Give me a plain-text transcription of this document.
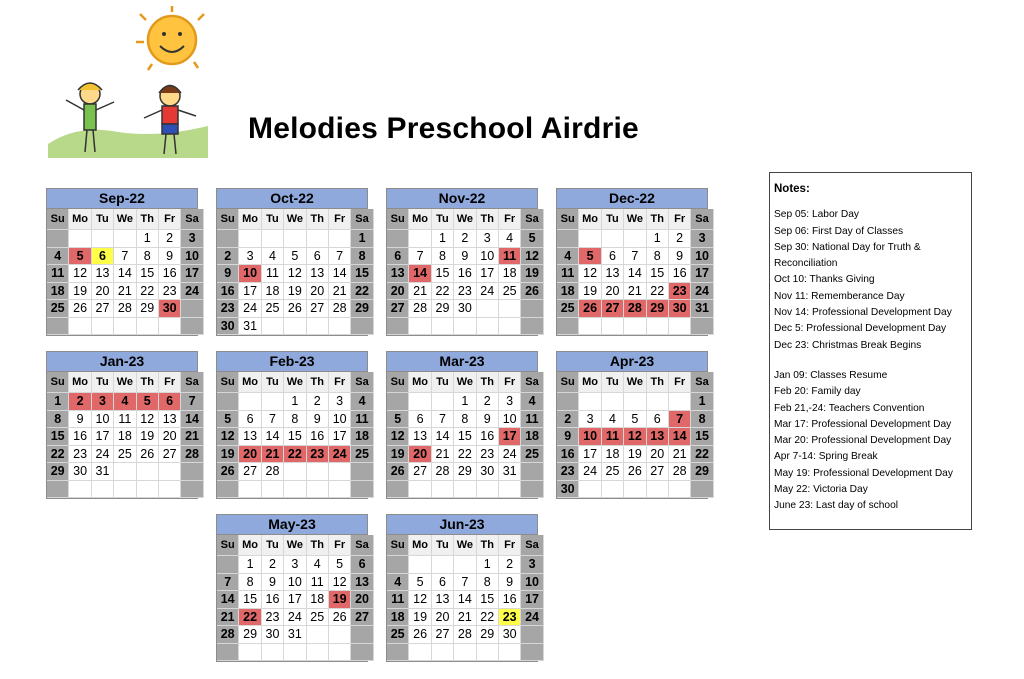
Melodies Preschool Airdrie
Sep-22
Su	Mo	Tu	We	Th	Fr	Sa
				1	2	3
4	5	6	7	8	9	10
11	12	13	14	15	16	17
18	19	20	21	22	23	24
25	26	27	28	29	30	

Oct-22
Su	Mo	Tu	We	Th	Fr	Sa
						1
2	3	4	5	6	7	8
9	10	11	12	13	14	15
16	17	18	19	20	21	22
23	24	25	26	27	28	29
30	31					
Nov-22
Su	Mo	Tu	We	Th	Fr	Sa
		1	2	3	4	5
6	7	8	9	10	11	12
13	14	15	16	17	18	19
20	21	22	23	24	25	26
27	28	29	30			

Dec-22
Su	Mo	Tu	We	Th	Fr	Sa
				1	2	3
4	5	6	7	8	9	10
11	12	13	14	15	16	17
18	19	20	21	22	23	24
25	26	27	28	29	30	31

Jan-23
Su	Mo	Tu	We	Th	Fr	Sa
1	2	3	4	5	6	7
8	9	10	11	12	13	14
15	16	17	18	19	20	21
22	23	24	25	26	27	28
29	30	31				

Feb-23
Su	Mo	Tu	We	Th	Fr	Sa
			1	2	3	4
5	6	7	8	9	10	11
12	13	14	15	16	17	18
19	20	21	22	23	24	25
26	27	28				

Mar-23
Su	Mo	Tu	We	Th	Fr	Sa
			1	2	3	4
5	6	7	8	9	10	11
12	13	14	15	16	17	18
19	20	21	22	23	24	25
26	27	28	29	30	31	

Apr-23
Su	Mo	Tu	We	Th	Fr	Sa
						1
2	3	4	5	6	7	8
9	10	11	12	13	14	15
16	17	18	19	20	21	22
23	24	25	26	27	28	29
30						
May-23
Su	Mo	Tu	We	Th	Fr	Sa
	1	2	3	4	5	6
7	8	9	10	11	12	13
14	15	16	17	18	19	20
21	22	23	24	25	26	27
28	29	30	31			

Jun-23
Su	Mo	Tu	We	Th	Fr	Sa
				1	2	3
4	5	6	7	8	9	10
11	12	13	14	15	16	17
18	19	20	21	22	23	24
25	26	27	28	29	30	

Notes:
Sep 05: Labor Day
Sep 06: First Day of Classes
Sep 30: National Day for Truth &
Reconciliation
Oct 10: Thanks Giving
Nov 11: Rememberance Day
Nov 14: Professional Development Day
Dec 5: Professional Development Day
Dec 23: Christmas Break Begins
Jan 09: Classes Resume
Feb 20: Family day
Feb 21,-24: Teachers Convention
Mar 17: Professional Development Day
Mar 20: Professional Development Day
Apr 7-14: Spring Break
May 19: Professional Development Day
May 22: Victoria Day
June 23: Last day of school
